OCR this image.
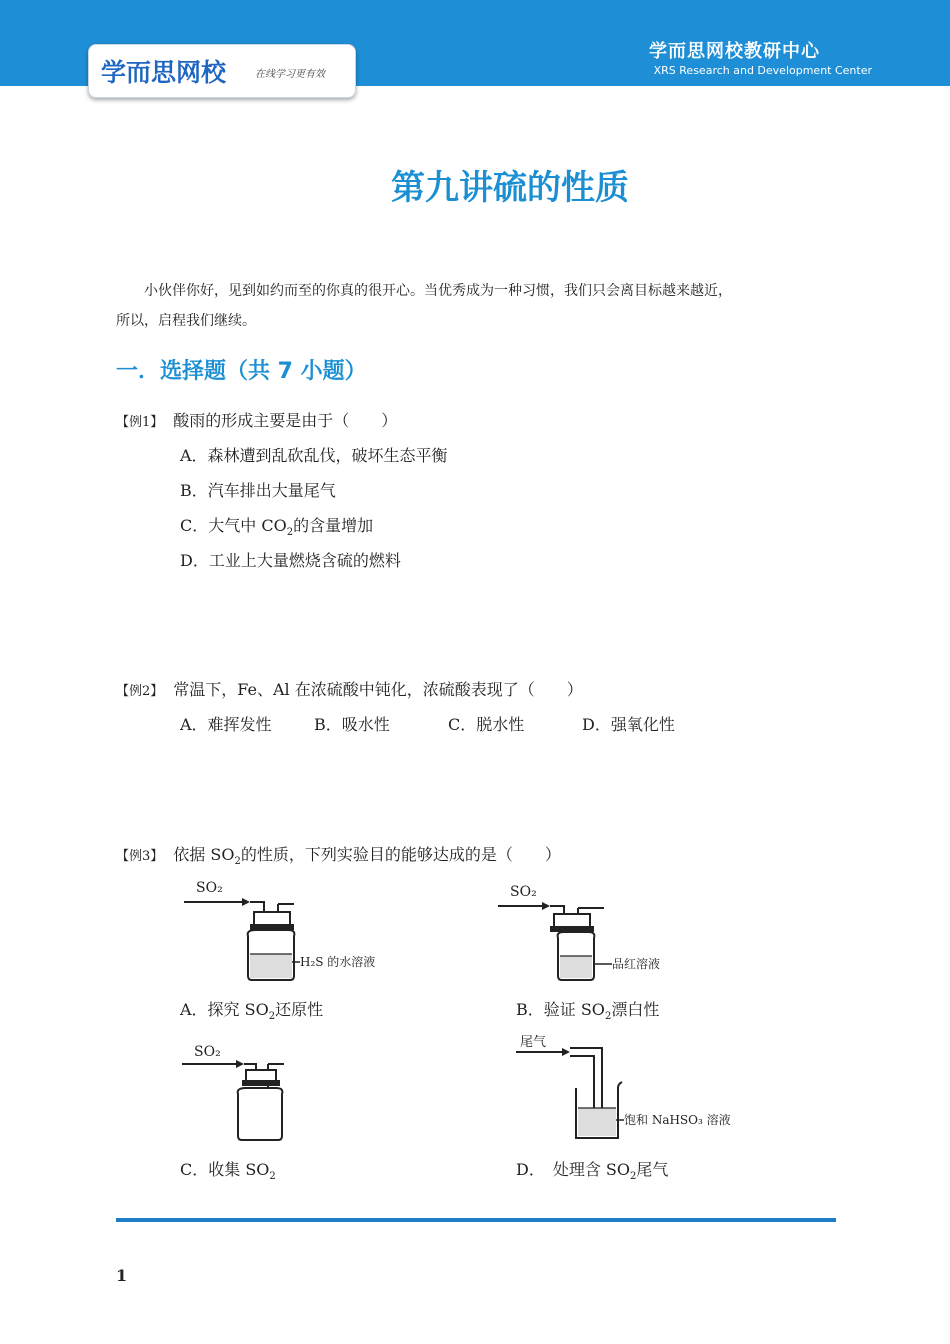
学而思网校	在线学习更有效
学而思网校教研中心
XRS Research and Development Center
第九讲硫的性质
小伙伴你好，见到如约而至的你真的很开心。当优秀成为一种习惯，我们只会离目标越来越近，
所以，启程我们继续。
一．选择题（共 7 小题）
【例1】 酸雨的形成主要是由于（　　）
A．森林遭到乱砍乱伐，破坏生态平衡
B．汽车排出大量尾气
C．大气中 $CO_2$的含量增加
D．工业上大量燃烧含硫的燃料
【例2】 常温下，Fe、Al 在浓硫酸中钝化，浓硫酸表现了（　　）
A．难挥发性	B．吸水性	C．脱水性	D．强氧化性
【例3】 依据 $SO_2$的性质，下列实验目的能够达成的是（　　）
SO₂
H₂S 的水溶液
A．探究 $SO_2$还原性
SO₂
品红溶液
B．验证 $SO_2$漂白性
SO₂
C．收集 $SO_2$
尾气
饱和 NaHSO₃ 溶液
D．　处理含 $SO_2$尾气
1
